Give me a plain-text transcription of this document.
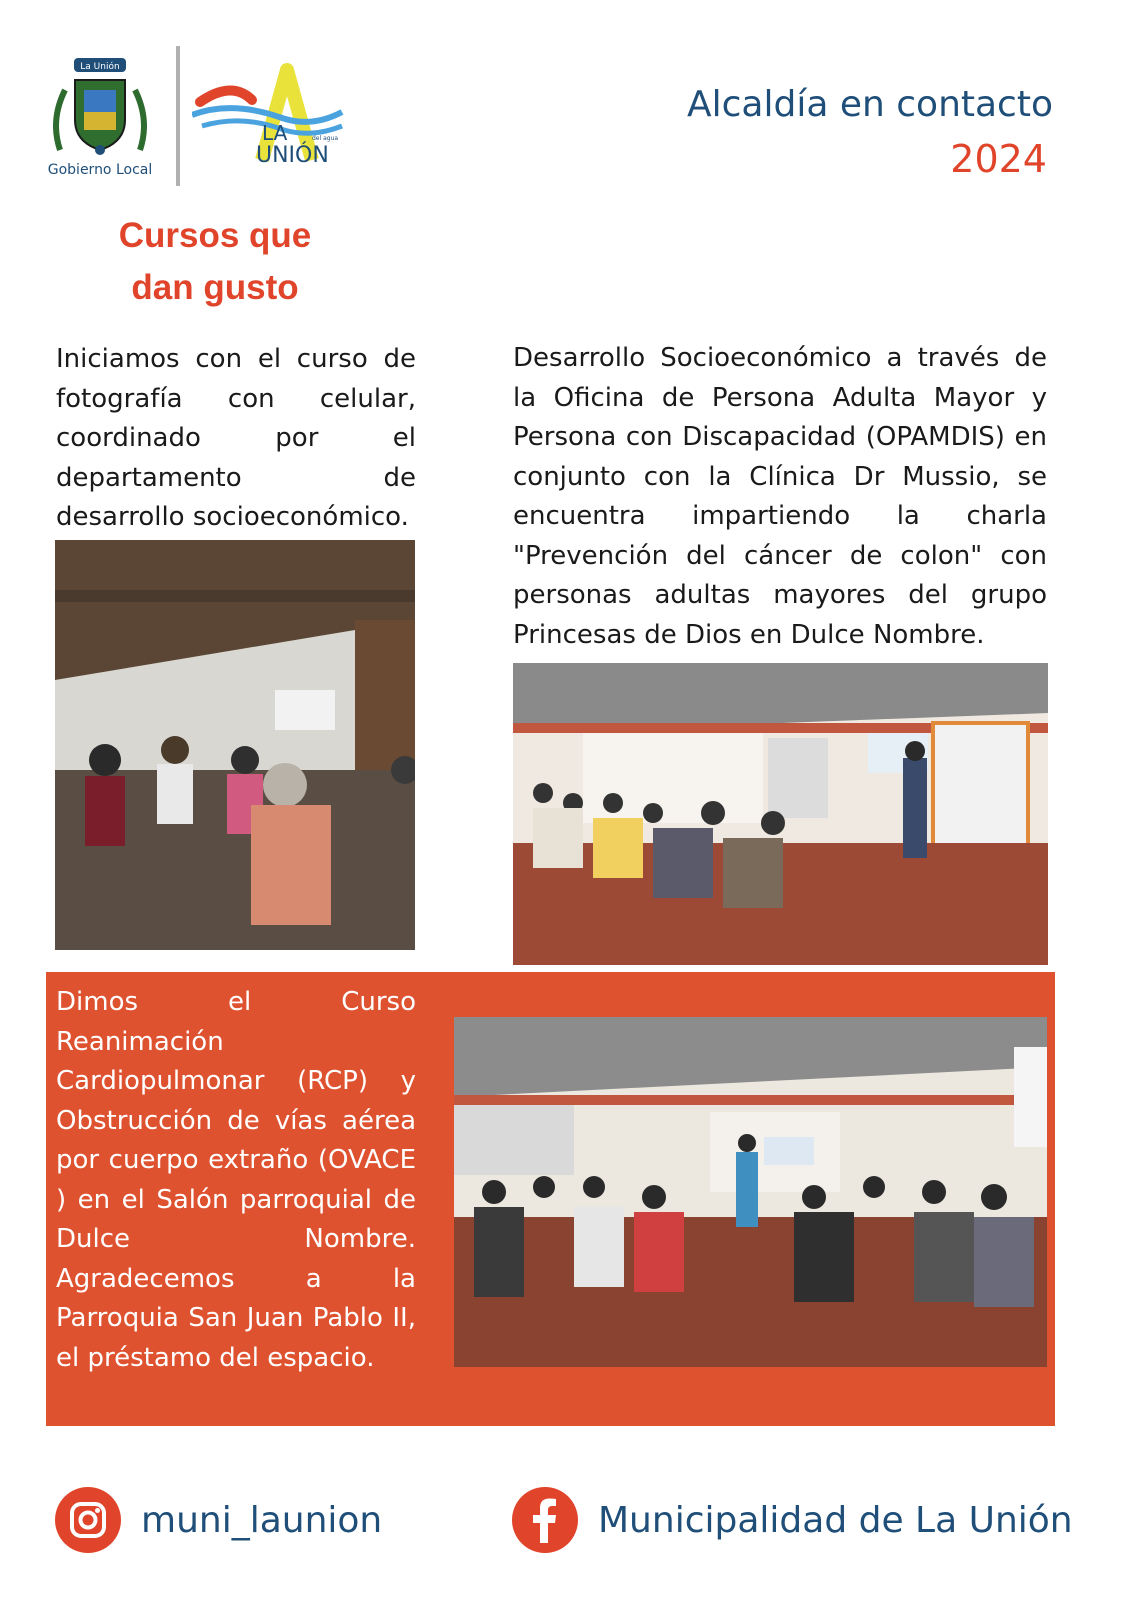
La Unión
Gobierno Local
LA	del agua
UNIÓN
Alcaldía en contacto
2024
Cursos que
dan gusto
Iniciamos con el curso de fotografía con celular, coordinado por el departamento de desarrollo socioeconómico.
Desarrollo Socioeconómico a través de la Oficina de Persona Adulta Mayor y Persona con Discapacidad (OPAMDIS) en conjunto con la Clínica Dr Mussio, se encuentra impartiendo la charla "Prevención del cáncer de colon" con personas adultas mayores del grupo Princesas de Dios en Dulce Nombre.
Dimos el Curso Reanimación Cardiopulmonar (RCP) y Obstrucción de vías aérea por cuerpo extraño (OVACE ) en el Salón parroquial de Dulce Nombre. Agradecemos a la Parroquia San Juan Pablo II, el préstamo del espacio.
muni_launion	Municipalidad de La Unión
